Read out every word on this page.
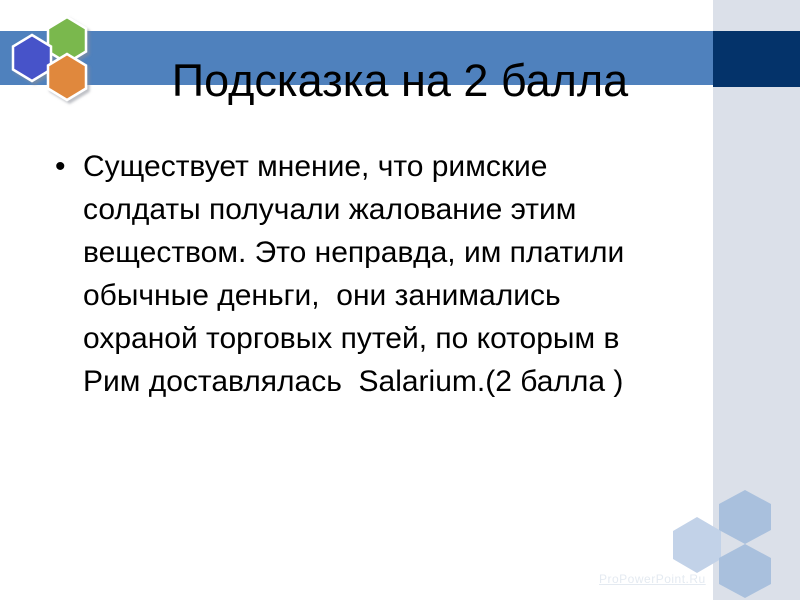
Подсказка на 2 балла
• Существует мнение, что римские
солдаты получали жалование этим
веществом. Это неправда, им платили
обычные деньги,  они занимались
охраной торговых путей, по которым в
Рим доставлялась  Salarium.(2 балла )
ProPowerPoint.Ru
